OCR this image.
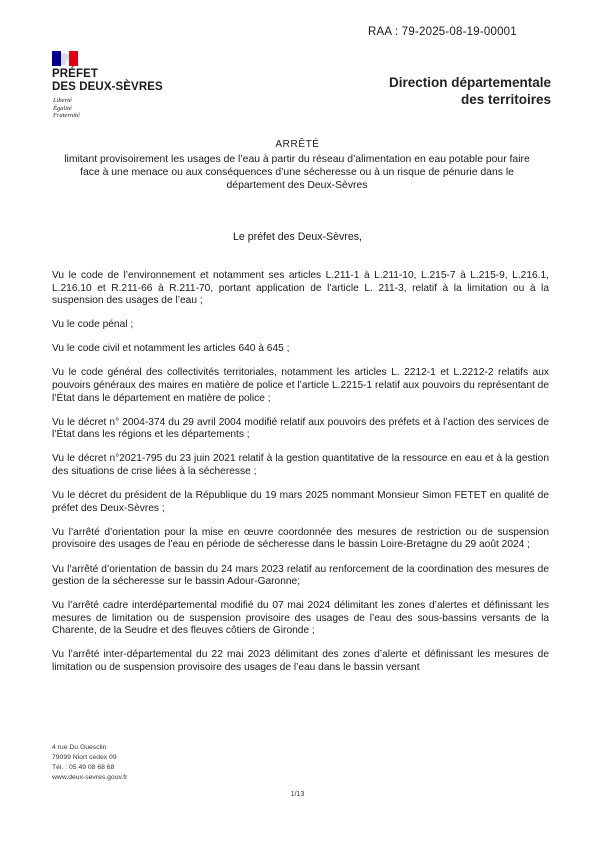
RAA : 79-2025-08-19-00001
PRÉFET
DES DEUX-SÈVRES
Liberté
Égalité
Fraternité
Direction départementale
des territoires
ARRÊTÉ
limitant provisoirement les usages de l’eau à partir du réseau d’alimentation en eau potable pour faire face à une menace ou aux conséquences d’une sécheresse ou à un risque de pénurie dans le département des Deux-Sèvres
Le préfet des Deux-Sèvres,

Vu le code de l’environnement et notamment ses articles L.211-1 à L.211-10, L.215-7 à L.215-9, L.216.1, L.216.10 et R.211-66 à R.211-70, portant application de l’article L. 211-3, relatif à la limitation ou à la suspension des usages de l’eau ;

Vu le code pénal ;

Vu le code civil et notamment les articles 640 à 645 ;

Vu le code général des collectivités territoriales, notamment les articles L. 2212-1 et L.2212-2 relatifs aux pouvoirs généraux des maires en matière de police et l’article L.2215-1 relatif aux pouvoirs du représentant de l’État dans le département en matière de police ;

Vu le décret n° 2004-374 du 29 avril 2004 modifié relatif aux pouvoirs des préfets et à l’action des services de l’État dans les régions et les départements ;

Vu le décret n°2021-795 du 23 juin 2021 relatif à la gestion quantitative de la ressource en eau et à la gestion des situations de crise liées à la sécheresse ;

Vu le décret du président de la République du 19 mars 2025 nommant Monsieur Simon FETET en qualité de préfet des Deux-Sèvres ;

Vu l’arrêté d’orientation pour la mise en œuvre coordonnée des mesures de restriction ou de suspension provisoire des usages de l’eau en période de sécheresse dans le bassin Loire-Bretagne du 29 août 2024 ;

Vu l’arrêté d’orientation de bassin du 24 mars 2023 relatif au renforcement de la coordination des mesures de gestion de la sécheresse sur le bassin Adour-Garonne;

Vu l’arrêté cadre interdépartemental modifié du 07 mai 2024 délimitant les zones d’alertes et définissant les mesures de limitation ou de suspension provisoire des usages de l’eau des sous-bassins versants de la Charente, de la Seudre et des fleuves côtiers de Gironde ;

Vu l’arrêté inter-départemental du 22 mai 2023 délimitant des zones d’alerte et définissant les mesures de limitation ou de suspension provisoire des usages de l’eau dans le bassin versant

4 rue Du Guesclin
79099 Niort cedex 09
Tél. : 05 49 08 68 68
www.deux-sevres.gouv.fr
1/13
